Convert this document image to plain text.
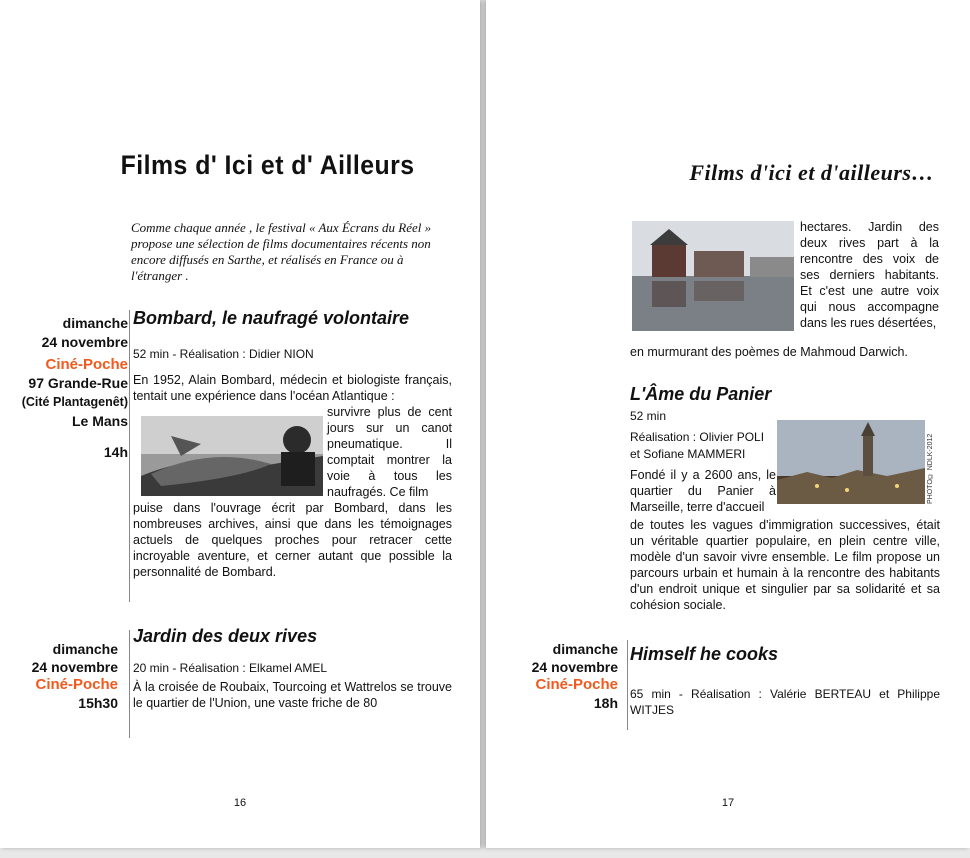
Films d' Ici et d' Ailleurs
Comme chaque année , le festival « Aux Écrans du Réel » propose une sélection de films documentaires récents non encore diffusés en Sarthe, et réalisés en France ou à l'étranger .
dimanche
24 novembre
Ciné-Poche
97 Grande-Rue
(Cité Plantagenêt)
Le Mans
14h
Bombard, le naufragé volontaire
52 min - Réalisation : Didier NION
En 1952, Alain Bombard, médecin et biologiste français, tentait une expérience dans l'océan Atlantique :
survivre plus de cent jours sur un canot pneumatique. Il comptait montrer la voie à tous les naufragés. Ce film
puise dans l'ouvrage écrit par Bombard, dans les nombreuses archives, ainsi que dans les témoignages actuels de quelques proches pour retracer cette incroyable aventure, et cerner autant que possible la personnalité de Bombard.
dimanche
24 novembre
Ciné-Poche
15h30
Jardin des deux rives
20 min - Réalisation : Elkamel AMEL
À la croisée de Roubaix, Tourcoing et Wattrelos se trouve le quartier de l'Union, une vaste friche de 80
16
Films d'ici et d'ailleurs…
hectares. Jardin des deux rives part à la rencontre des voix de ses derniers habitants. Et c'est une autre voix qui nous accompagne dans les rues désertées,
en murmurant des poèmes de Mahmoud Darwich.
L'Âme du Panier
52 min
Réalisation : Olivier POLI
et Sofiane MAMMERI	PHOTO© NDLK-2012
Fondé il y a 2600 ans, le quartier du Panier à Marseille, terre d'accueil
de toutes les vagues d'immigration successives, était un véritable quartier populaire, en plein centre ville, modèle d'un savoir vivre ensemble. Le film propose un parcours urbain et humain à la rencontre des habitants d'un endroit unique et singulier par sa solidarité et sa cohésion sociale.
dimanche
24 novembre
Ciné-Poche
18h
Himself he cooks
65 min - Réalisation : Valérie BERTEAU et Philippe WITJES
17
